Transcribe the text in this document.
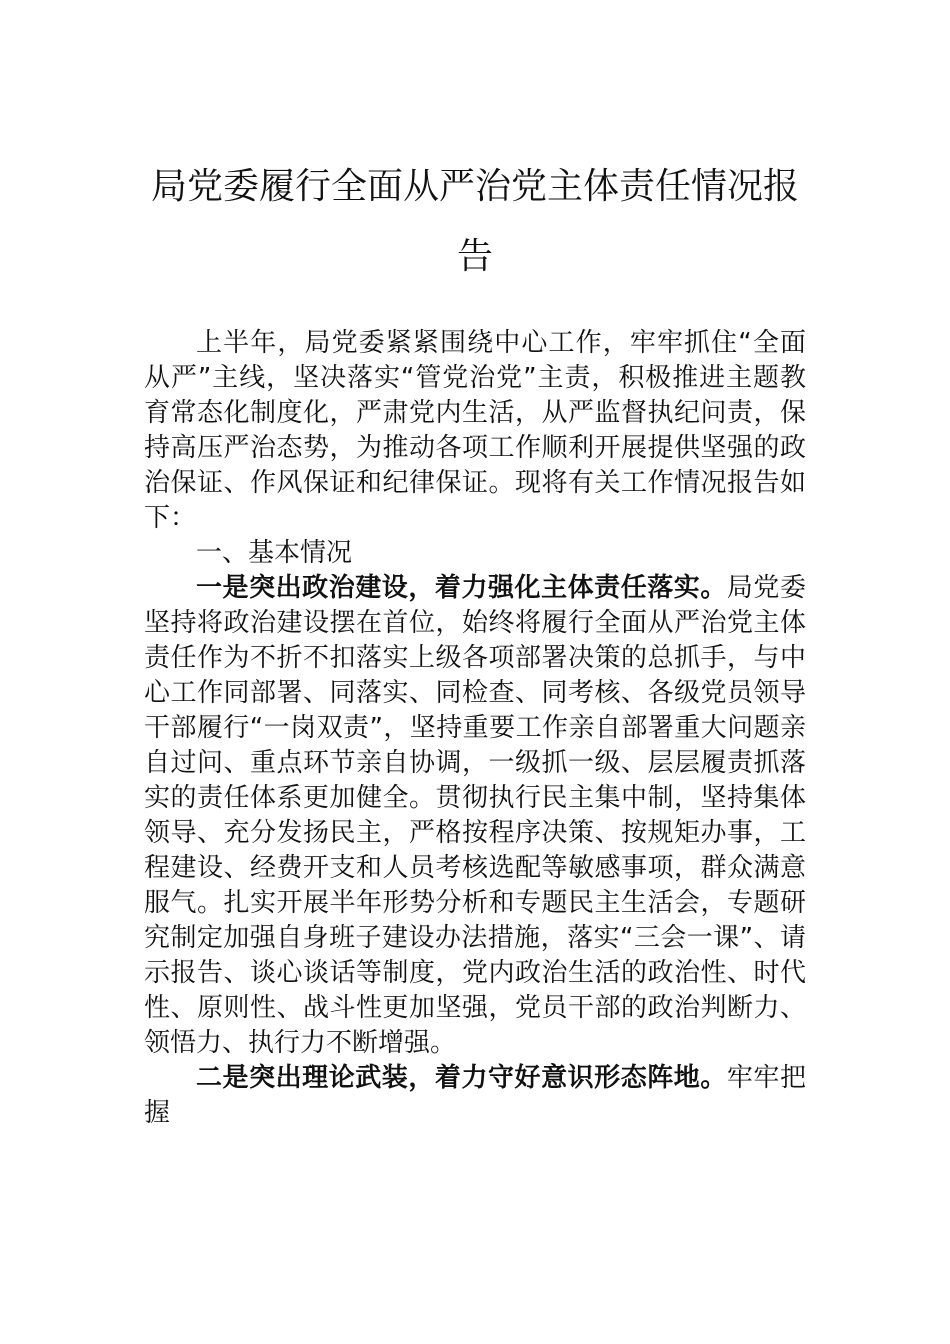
局党委履行全面从严治党主体责任情况报告

上半年，局党委紧紧围绕中心工作，牢牢抓住“全面从严”主线，坚决落实“管党治党”主责，积极推进主题教育常态化制度化，严肃党内生活，从严监督执纪问责，保持高压严治态势，为推动各项工作顺利开展提供坚强的政治保证、作风保证和纪律保证。现将有关工作情况报告如下：

一、基本情况

一是突出政治建设，着力强化主体责任落实。局党委坚持将政治建设摆在首位，始终将履行全面从严治党主体责任作为不折不扣落实上级各项部署决策的总抓手，与中心工作同部署、同落实、同检查、同考核、各级党员领导干部履行“一岗双责”，坚持重要工作亲自部署重大问题亲自过问、重点环节亲自协调，一级抓一级、层层履责抓落实的责任体系更加健全。贯彻执行民主集中制，坚持集体领导、充分发扬民主，严格按程序决策、按规矩办事，工程建设、经费开支和人员考核选配等敏感事项，群众满意服气。扎实开展半年形势分析和专题民主生活会，专题研究制定加强自身班子建设办法措施，落实“三会一课”、请示报告、谈心谈话等制度，党内政治生活的政治性、时代性、原则性、战斗性更加坚强，党员干部的政治判断力、领悟力、执行力不断增强。

二是突出理论武装，着力守好意识形态阵地。牢牢把握
